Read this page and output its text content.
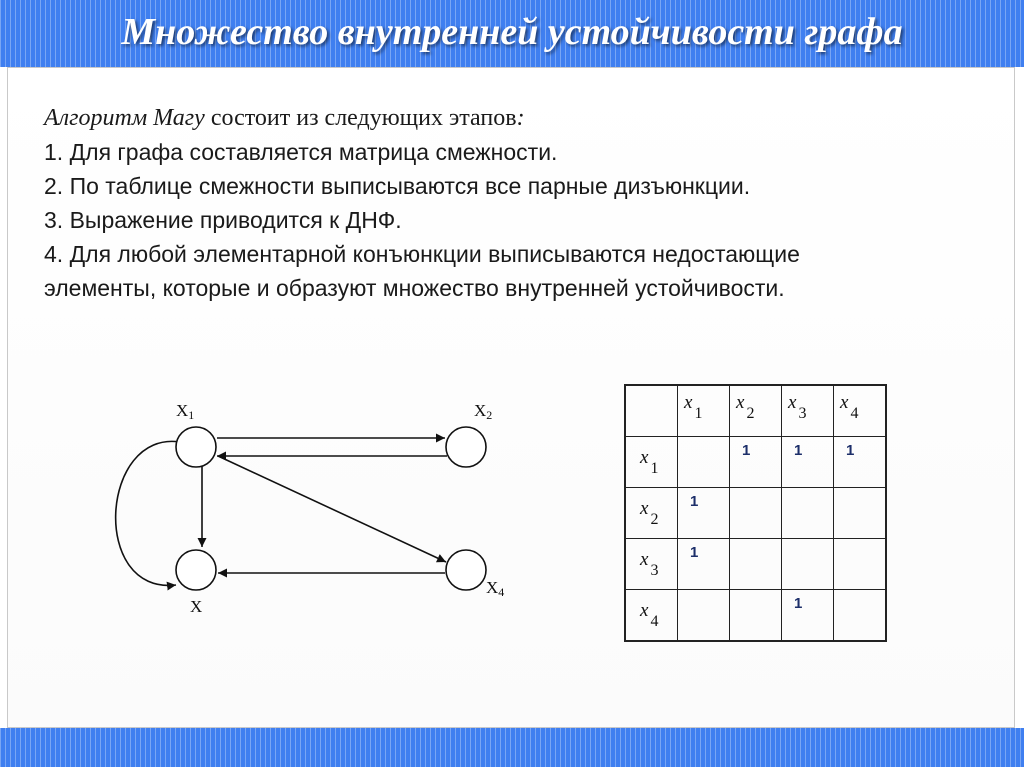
Множество внутренней устойчивости графа
Алгоритм Магу состоит из следующих этапов:
1. Для графа составляется матрица смежности.
2. По таблице смежности выписываются все парные дизъюнкции.
3. Выражение приводится к ДНФ.
4. Для любой элементарной конъюнкции выписываются недостающие
элементы, которые и образуют множество внутренней устойчивости.
X1	X2
X
X4
	$x_1$	$x_2$	$x_3$	$x_4$
$x_1$		1	1	1
$x_2$	1			
$x_3$	1			
$x_4$			1	
